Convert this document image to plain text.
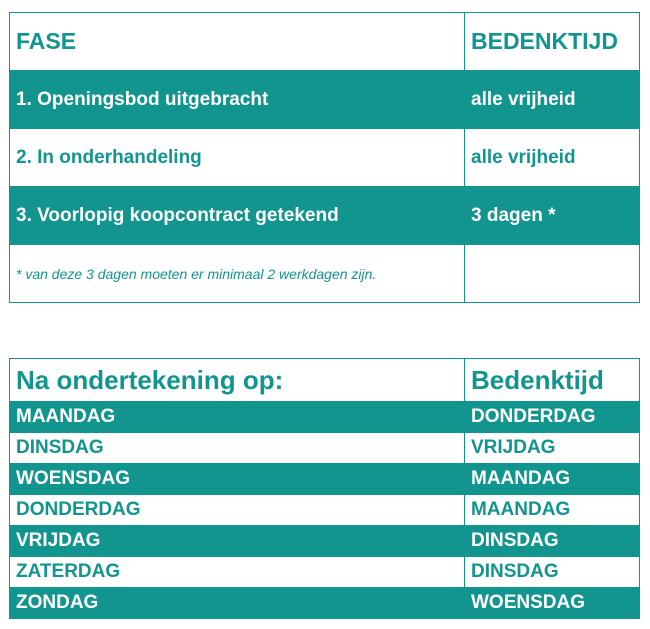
FASE	BEDENKTIJD
1. Openingsbod uitgebracht	alle vrijheid
2. In onderhandeling	alle vrijheid
3. Voorlopig koopcontract getekend	3 dagen *
* van deze 3 dagen moeten er minimaal 2 werkdagen zijn.	
Na ondertekening op:	Bedenktijd
MAANDAG	DONDERDAG
DINSDAG	VRIJDAG
WOENSDAG	MAANDAG
DONDERDAG	MAANDAG
VRIJDAG	DINSDAG
ZATERDAG	DINSDAG
ZONDAG	WOENSDAG
